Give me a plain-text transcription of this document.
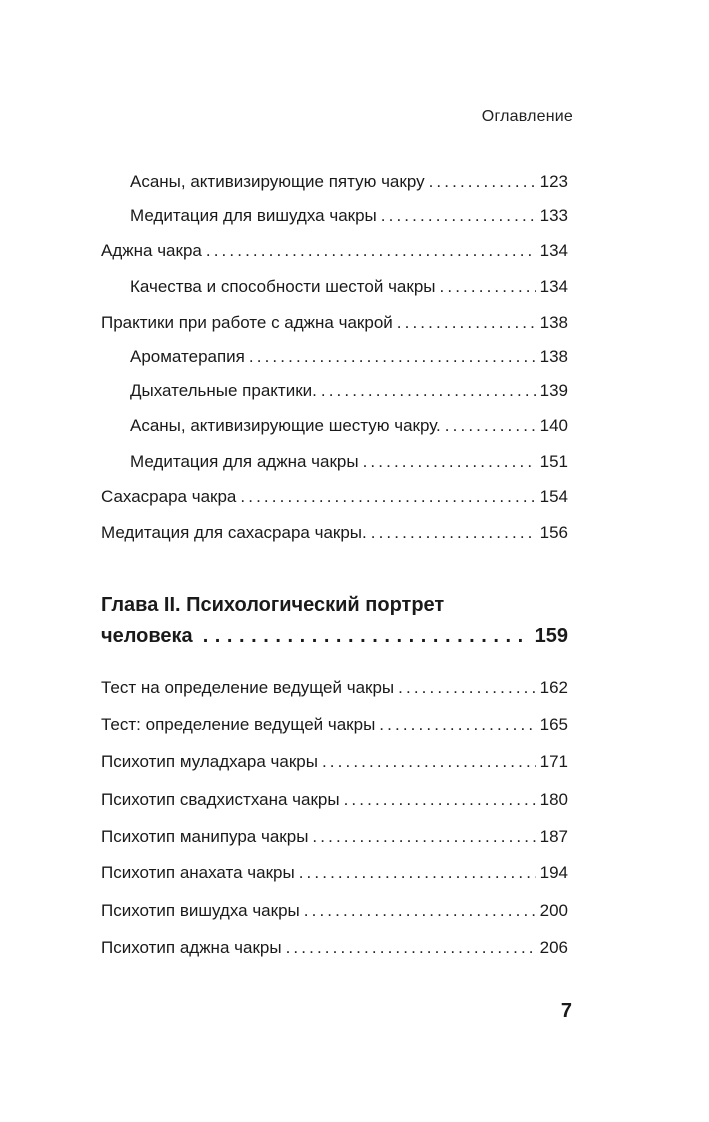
Оглавление
Асаны, активизирующие пятую чакру . . .	123
Медитация для вишудха чакры . . .	133
Аджна чакра . . .	134
Качества и способности шестой чакры . . .	134
Практики при работе с аджна чакрой . . .	138
Ароматерапия . . .	138
Дыхательные практики. . . .	139
Асаны, активизирующие шестую чакру. . . .	140
Медитация для аджна чакры . . .	151
Сахасрара чакра . . .	154
Медитация для сахасрара чакры. . . .	156
Глава II. Психологический портрет
человека . . .	159
Тест на определение ведущей чакры . . .	162
Тест: определение ведущей чакры . . .	165
Психотип муладхара чакры . . .	171
Психотип свадхистхана чакры . . .	180
Психотип манипура чакры . . .	187
Психотип анахата чакры . . .	194
Психотип вишудха чакры . . .	200
Психотип аджна чакры . . .	206
7
